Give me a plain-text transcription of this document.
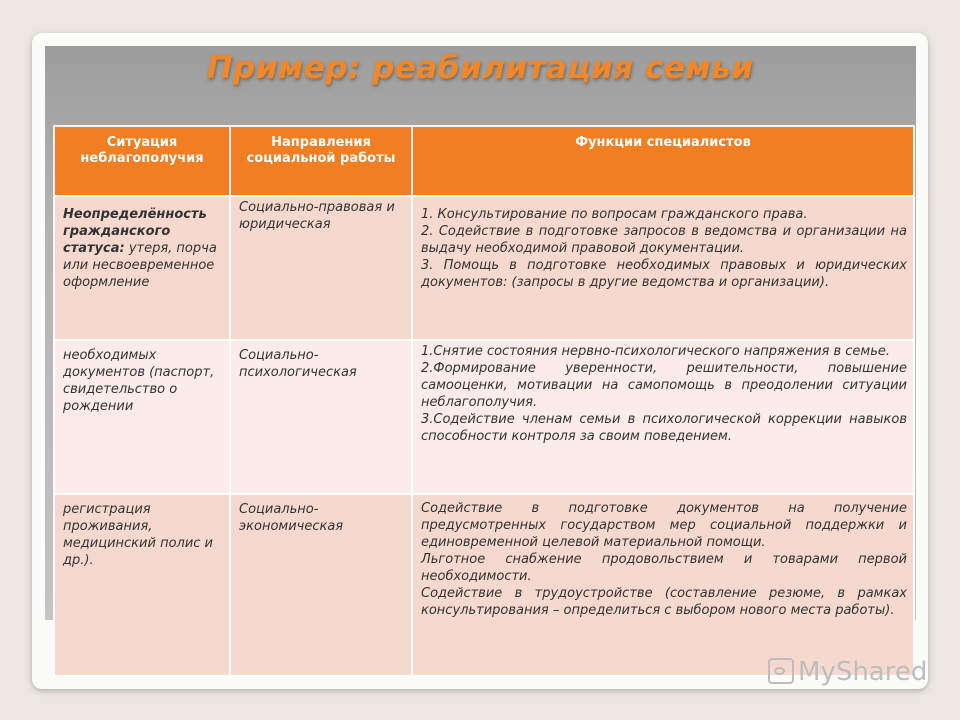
Пример: реабилитация семьи
Ситуация неблагополучия	Направления социальной работы	Функции специалистов
Неопределённость гражданского статуса: утеря, порча или несвоевременное оформление	Социально-правовая и юридическая	1. Консультирование по вопросам гражданского права.

2. Содействие в подготовке запросов в ведомства и организации на выдачу необходимой правовой документации.

3. Помощь в подготовке необходимых правовых и юридических документов: (запросы в другие ведомства и организации).

необходимых документов (паспорт, свидетельство о рождении	Социально-психологическая	1.Снятие состояния нервно-психологического напряжения в семье.

2.Формирование уверенности, решительности, повышение самооценки, мотивации на самопомощь в преодолении ситуации неблагополучия.

3.Содействие членам семьи в психологической коррекции навыков способности контроля за своим поведением.

регистрация проживания, медицинский полис и др.).	Социально-экономическая	Содействие в подготовке документов на получение предусмотренных государством мер социальной поддержки и единовременной целевой материальной помощи.

Льготное снабжение продовольствием и товарами первой необходимости.

Содействие в трудоустройстве (составление резюме, в рамках консультирования – определиться с выбором нового места работы).

MyShared
